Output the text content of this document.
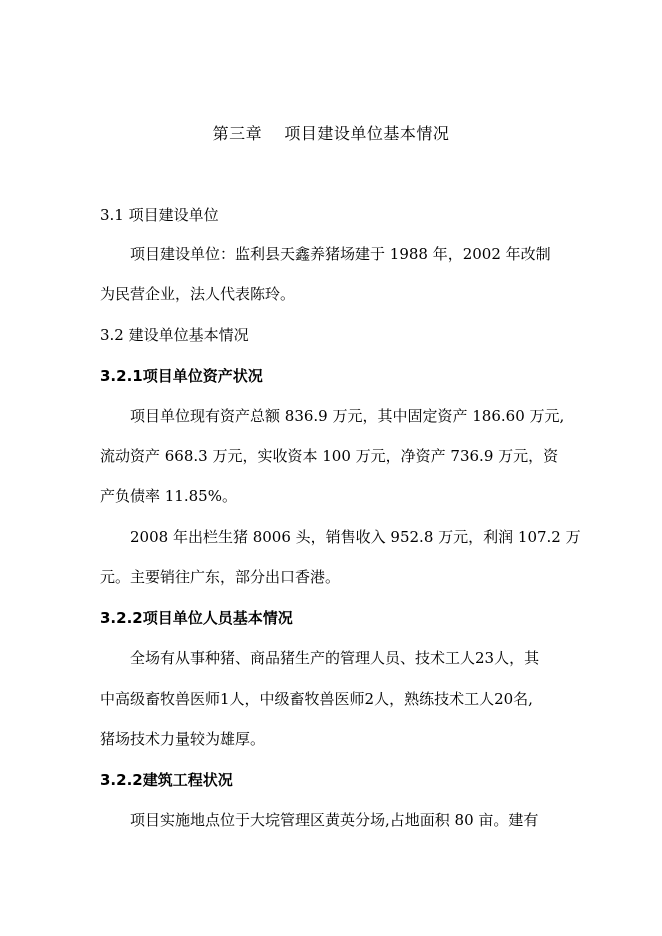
第三章    项目建设单位基本情况
3.1 项目建设单位
项目建设单位：监利县天鑫养猪场建于 1988 年，2002 年改制
为民营企业，法人代表陈玲。
3.2 建设单位基本情况
3.2.1项目单位资产状况
项目单位现有资产总额 836.9 万元，其中固定资产 186.60 万元,
流动资产 668.3 万元，实收资本 100 万元，净资产 736.9 万元，资
产负债率 11.85%。
2008 年出栏生猪 8006 头，销售收入 952.8 万元，利润 107.2 万
元。主要销往广东，部分出口香港。
3.2.2项目单位人员基本情况
全场有从事种猪、商品猪生产的管理人员、技术工人23人，其
中高级畜牧兽医师1人，中级畜牧兽医师2人，熟练技术工人20名,
猪场技术力量较为雄厚。
3.2.2建筑工程状况
项目实施地点位于大垸管理区黄英分场,占地面积 80 亩。建有
